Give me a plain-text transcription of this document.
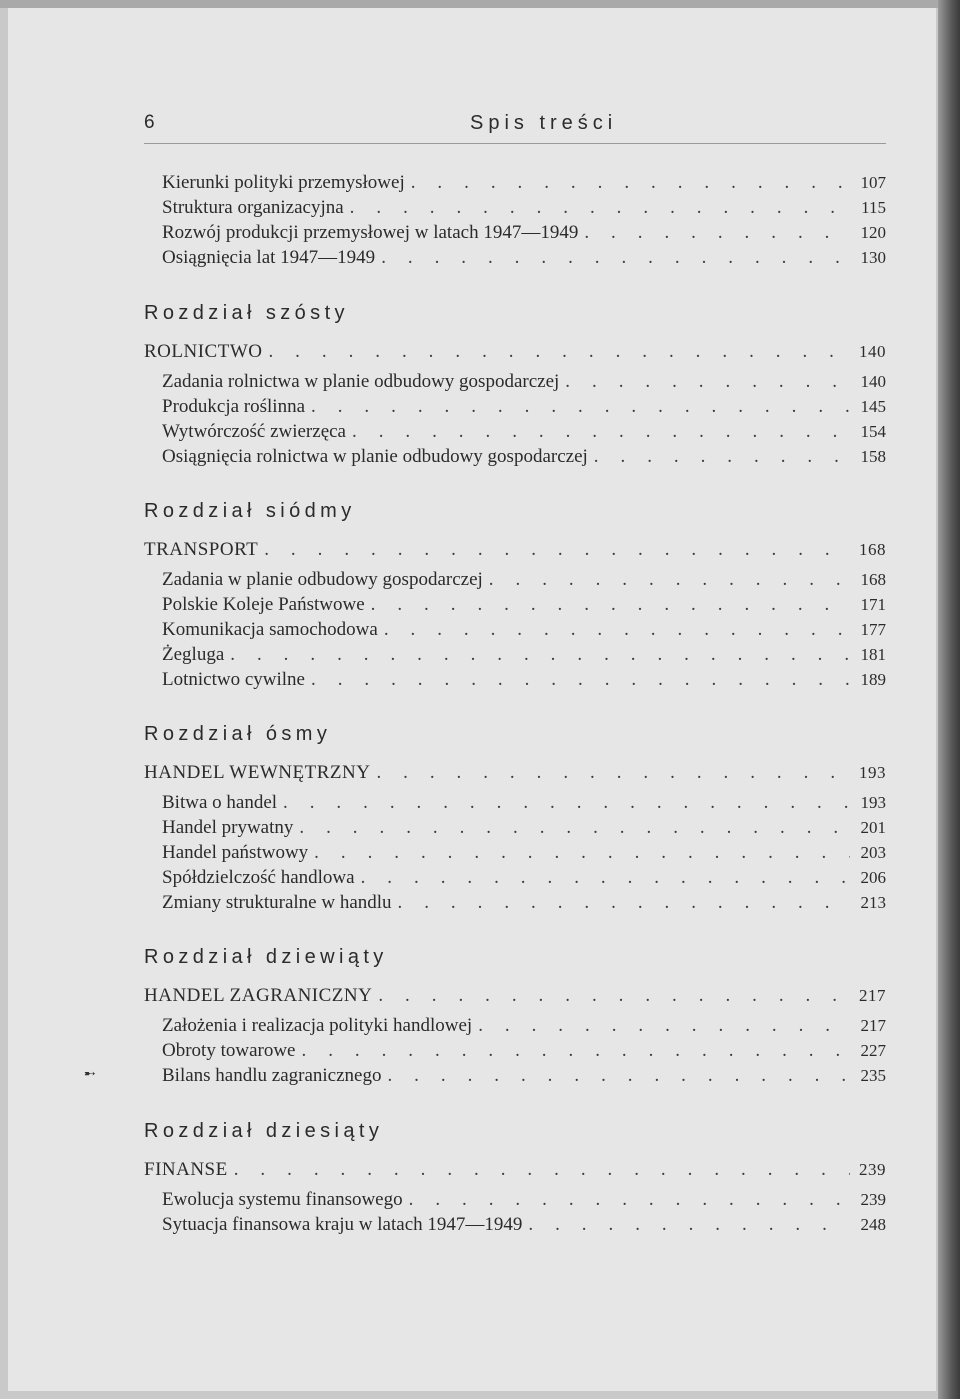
6	Spis treści
Kierunki polityki przemysłowej . . .	107
Struktura organizacyjna . . .	115
Rozwój produkcji przemysłowej w latach 1947—1949 . . .	120
Osiągnięcia lat 1947—1949 . . .	130
Rozdział szósty
ROLNICTWO . . .	140
Zadania rolnictwa w planie odbudowy gospodarczej . . .	140
Produkcja roślinna . . .	145
Wytwórczość zwierzęca . . .	154
Osiągnięcia rolnictwa w planie odbudowy gospodarczej . . .	158
Rozdział siódmy
TRANSPORT . . .	168
Zadania w planie odbudowy gospodarczej . . .	168
Polskie Koleje Państwowe . . .	171
Komunikacja samochodowa . . .	177
Żegluga . . .	181
Lotnictwo cywilne . . .	189
Rozdział ósmy
HANDEL WEWNĘTRZNY . . .	193
Bitwa o handel . . .	193
Handel prywatny . . .	201
Handel państwowy . . .	203
Spółdzielczość handlowa . . .	206
Zmiany strukturalne w handlu . . .	213
Rozdział dziewiąty
HANDEL ZAGRANICZNY . . .	217
Założenia i realizacja polityki handlowej . . .	217
Obroty towarowe . . .	227
Bilans handlu zagranicznego . . .	235
Rozdział dziesiąty
FINANSE . . .	239
Ewolucja systemu finansowego . . .	239
Sytuacja finansowa kraju w latach 1947—1949 . . .	248
➸
